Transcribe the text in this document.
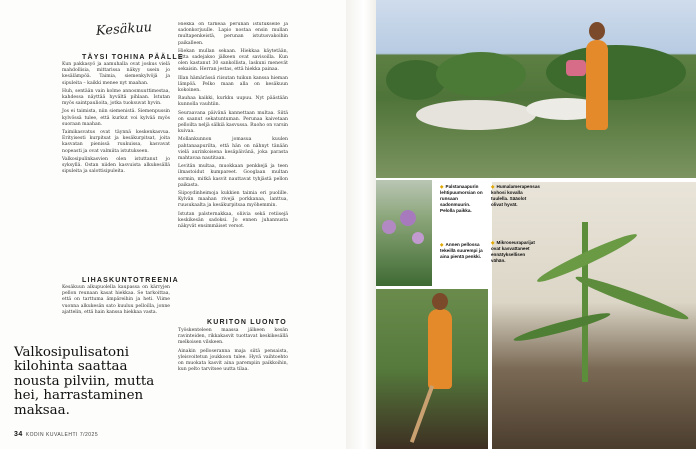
Kesäkuu
TÄYSI TOHINA PÄÄLLE

Kun pakkasyö ja aamuhalla ovat joskus vielä mahdollisia, mittarissa näkyy usein jo kesälämpöä. Taimia, siemenkylvöjä ja sipuleita – kaikki menee nyt maahan.

Huh, sentään vain kolme annosmuuttimestaa, kahdessa näyttää hyvältä pihlaan. Istutan myös saintpaulioita, jotka tuoksuvat hyvin.

Jos ei taimista, niin siemenistä. Siemenpussin kylvössä tulee, että kurkut voi kylvää myös suoraan maahan.

Taimikasvatus ovat täynnä keskenkasvua. Erityisesti kurpitsat ja kesäkurpitsat, joita kasvatan pienissä ruukuissa, kasvavat nopeasti ja ovat valmiita istutukseen.

Valkosipulinkasvien olen istuttanut jo syksyllä. Ostan niiden kasvuista alkukesällä sipuleita ja salottisipuleita.

LIHASKUNTOTREENIA
Kesäkuun alkupuolella kaupassa on kärryjen pellon reunaan kasat hiekkaa. Se tarkoittaa, että on tarttuma ämpäreihin ja heti. Viime vuonna alkukesän sato kuuluu pelloilla, jonne ajattelin, että hain kanssa hiekkaa vasta.
Valkosipulisatoni kilohinta saattaa nousta pilviin, mutta hei, harrastaminen maksaa.

Hiekka on tärkeää perunan istutukselle ja sadonkorjuulle. Lapio nostaa ensin mullan multapenkeistä, perunan istutusvakoihin paikalleen.

Hiekan mullan sekaan. Hiekkaa käytetään, jotta sadejakso jälkeen ovat savisoilla. Kun olen kastanut 30 sankollista, laskuni menevät sekaisin. Herran jestas, että hiekka painaa.

Illan hämärässä riisutan tuikun kanssa hieman lämpöä. Pelko maan alla on kesäkuun kokoinen.

Rauhaa kaikki, kurkku uupuu. Nyt päästään kunnolla vauhtiin.

Seuraavana päivänä kannettaan multaa. Siitä on saanut sekatuntuman. Perunaa kaivetaan pelloilta neljä sälkiä kasvussa. Ruoho on varsin kuivaa.

Mollankunnon jomasua kuulen pahtanaapurilta, että hän on nähnyt tänään vielä aurinkoisena kesäpäivänä, joka parasta mahtavaa nautitaan.

Levitän multaa, muokkaan penkkejä ja teen ilmastoidut kumpareet. Googlaan multan sormin, mitkä kasvit nauttavat tyhjästä pellon paikasta.

Siipoydinheimoja kukkien taimia eri puolille. Kylvän maahan rivejä porkkanaa, lanttua, ruusukaalta ja kesäkurpitsaa myöhemmin.

Istutan palsternakkaa, oliivia sekä retiisejä keskikesän sadoksi. Jo ennen juhannusta näkyvät ensimmäiset versot.

KURITON LUONTO

Työskenteleen maassa jälkeen kesän ravinteiden, rikkakasvit tuottavat keskikesällä melkoisen vilskeen.

Ainakin pelloseranna maja siitä pensaista, yleisvoitetun joukkoon tulee. Hyvä vaihtoehto on muokata kasvit aina parempiin paikkoihin, kun pelto tarvitsee uutta tilaa.

34 KODIN KUVALEHTI 7/2025
◆ Palstanaapurin lehtipuumorsian on runsaan sadonmuurin. Pelolla paikka.
◆ Humalamerapensas kohosi kovalla tuulella. Sääolot olivat hyvät.
◆ Annen pellossa tekeillä suurempi ja aina pientä penkki.
◆ Mikroseuraparijat ovat kasvattaneet ennätyksellisen vähän.
